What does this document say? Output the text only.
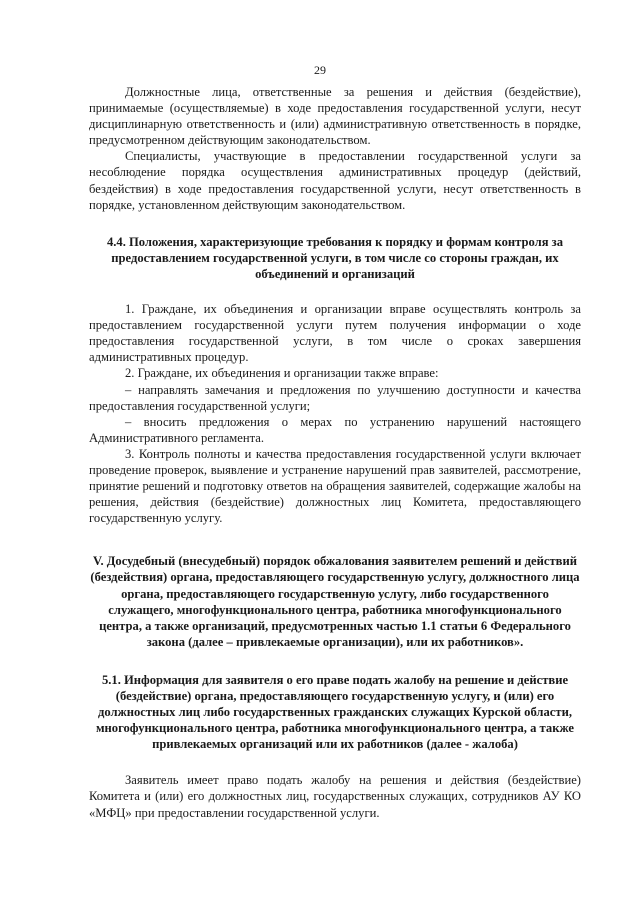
29

Должностные лица, ответственные за решения и действия (бездействие), принимаемые (осуществляемые) в ходе предоставления государственной услуги, несут дисциплинарную ответственность и (или) административную ответственность в порядке, предусмотренном действующим законодательством.

Специалисты, участвующие в предоставлении государственной услуги за несоблюдение порядка осуществления административных процедур (действий, бездействия) в ходе предоставления государственной услуги, несут ответственность в порядке, установленном действующим законодательством.

4.4. Положения, характеризующие требования к порядку и формам контроля за предоставлением государственной услуги, в том числе со стороны граждан, их объединений и организаций

1. Граждане, их объединения и организации вправе осуществлять контроль за предоставлением государственной услуги путем получения информации о ходе предоставления государственной услуги, в том числе о сроках завершения административных процедур.

2. Граждане, их объединения и организации также вправе:

– направлять замечания и предложения по улучшению доступности и качества предоставления государственной услуги;

– вносить предложения о мерах по устранению нарушений настоящего Административного регламента.

3. Контроль полноты и качества предоставления государственной услуги включает проведение проверок, выявление и устранение нарушений прав заявителей, рассмотрение, принятие решений и подготовку ответов на обращения заявителей, содержащие жалобы на решения, действия (бездействие) должностных лиц Комитета, предоставляющего государственную услугу.

V. Досудебный (внесудебный) порядок обжалования заявителем решений и действий (бездействия) органа, предоставляющего государственную услугу, должностного лица органа, предоставляющего государственную услугу, либо государственного служащего, многофункционального центра, работника многофункционального центра, а также организаций, предусмотренных частью 1.1 статьи 6 Федерального закона (далее – привлекаемые организации), или их работников».

5.1. Информация для заявителя о его праве подать жалобу на решение и действие (бездействие) органа, предоставляющего государственную услугу, и (или) его должностных лиц либо государственных гражданских служащих Курской области, многофункционального центра, работника многофункционального центра, а также привлекаемых организаций или их работников (далее - жалоба)

Заявитель имеет право подать жалобу на решения и действия (бездействие) Комитета и (или) его должностных лиц, государственных служащих, сотрудников АУ КО «МФЦ» при предоставлении государственной услуги.
